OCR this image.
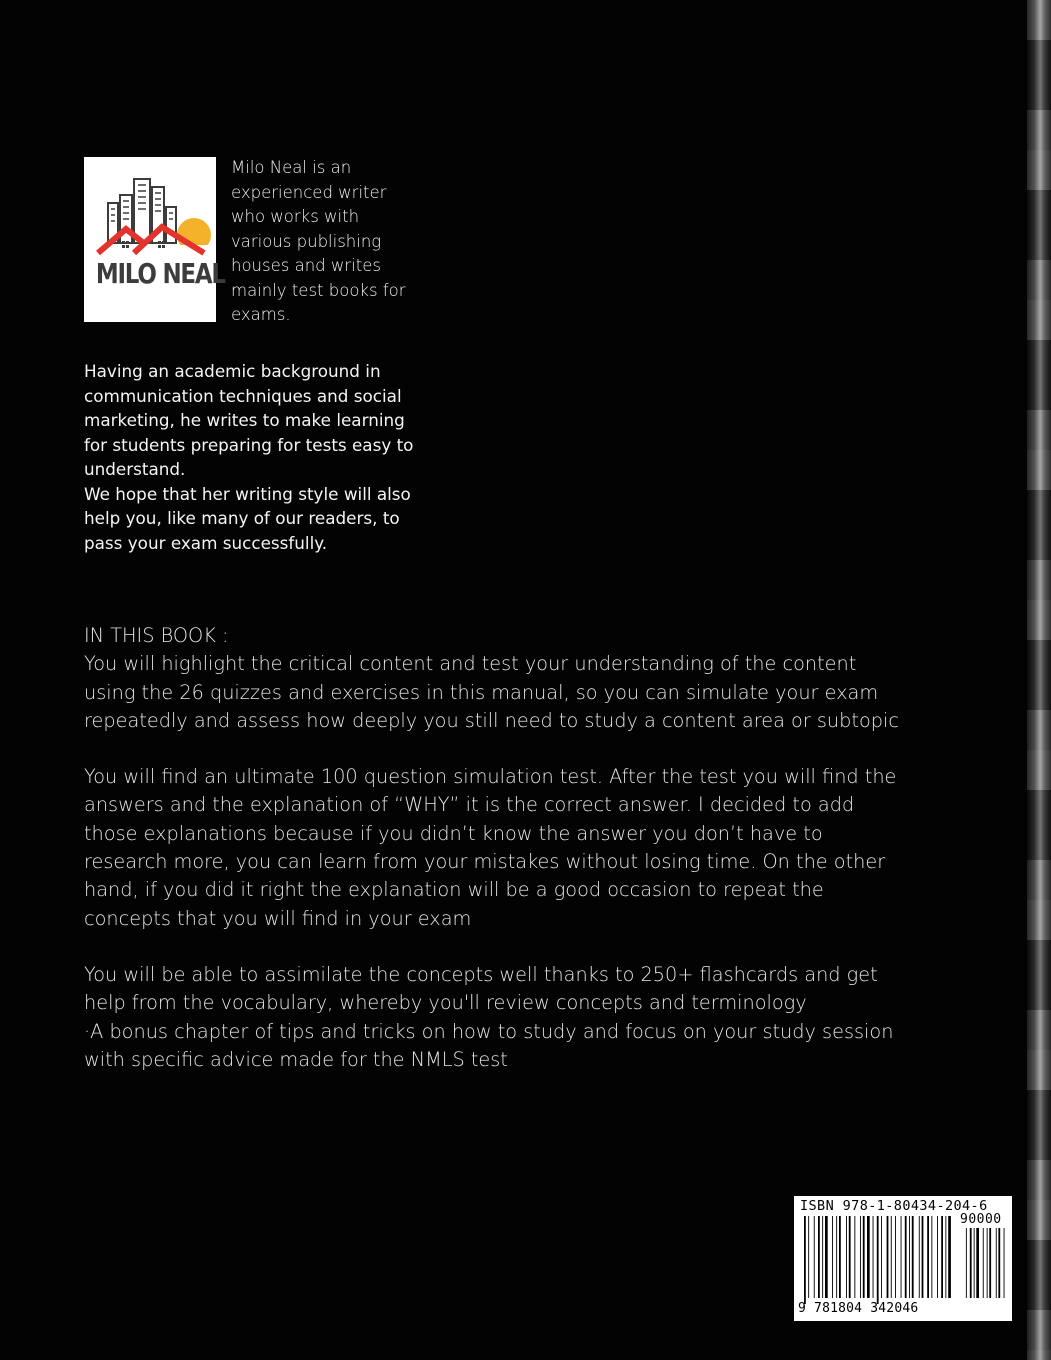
MILO NEAL

Milo Neal is an experienced writer who works with various publishing houses and writes mainly test books for exams.

Having an academic background in communication techniques and social marketing, he writes to make learning for students preparing for tests easy to understand.
We hope that her writing style will also help you, like many of our readers, to pass your exam successfully.

IN THIS BOOK :

You will highlight the critical content and test your understanding of the content using the 26 quizzes and exercises in this manual, so you can simulate your exam repeatedly and assess how deeply you still need to study a content area or subtopic

You will find an ultimate 100 question simulation test. After the test you will find the answers and the explanation of “WHY” it is the correct answer. I decided to add those explanations because if you didn’t know the answer you don’t have to research more, you can learn from your mistakes without losing time. On the other hand, if you did it right the explanation will be a good occasion to repeat the concepts that you will find in your exam

You will be able to assimilate the concepts well thanks to 250+ flashcards and get help from the vocabulary, whereby you'll review concepts and terminology

·A bonus chapter of tips and tricks on how to study and focus on your study session with specific advice made for the NMLS test

ISBN 978-1-80434-204-6
90000
9 781804 342046
